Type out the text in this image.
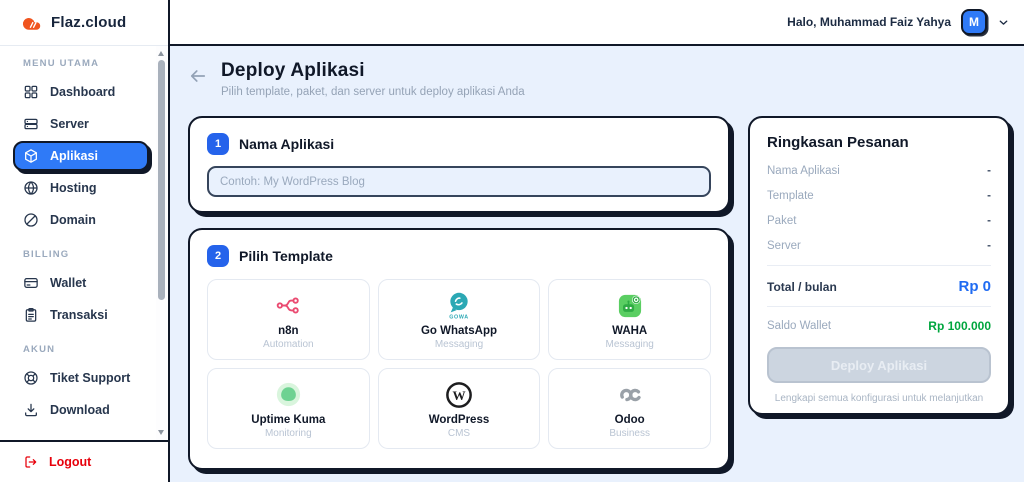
Flaz.cloud
MENU UTAMA
Dashboard
Server
Aplikasi
Hosting
Domain
BILLING
Wallet
Transaksi
AKUN
Tiket Support
Download
Logout
Halo, Muhammad Faiz Yahya M
Deploy Aplikasi
Pilih template, paket, dan server untuk deploy aplikasi Anda
1	Nama Aplikasi
Contoh: My WordPress Blog
2	Pilih Template
n8n
Automation
GOWA
Go WhatsApp
Messaging
WAHA
Messaging
Uptime Kuma
Monitoring
W
WordPress
CMS
Odoo
Business
Ringkasan Pesanan
Nama Aplikasi	-
Template	-
Paket	-
Server	-
Total / bulan	Rp 0
Saldo Wallet	Rp 100.000
Deploy Aplikasi
Lengkapi semua konfigurasi untuk melanjutkan
